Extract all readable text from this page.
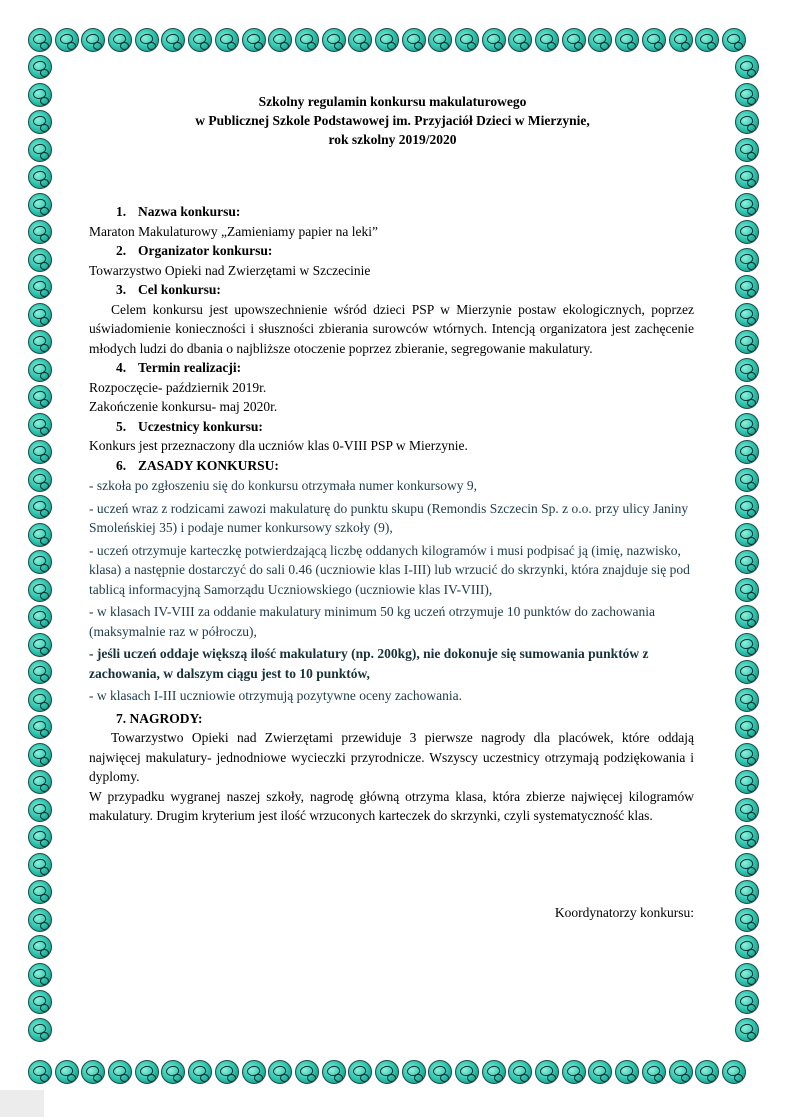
Szkolny regulamin konkursu makulaturowego
w Publicznej Szkole Podstawowej im. Przyjaciół Dzieci w Mierzynie,
rok szkolny 2019/2020
1. Nazwa konkursu:
Maraton Makulaturowy „Zamieniamy papier na leki”
2. Organizator konkursu:
Towarzystwo Opieki nad Zwierzętami w Szczecinie
3. Cel konkursu:
Celem konkursu jest upowszechnienie wśród dzieci PSP w Mierzynie postaw ekologicznych, poprzez uświadomienie konieczności i słuszności zbierania surowców wtórnych. Intencją organizatora jest zachęcenie młodych ludzi do dbania o najbliższe otoczenie poprzez zbieranie, segregowanie makulatury.
4. Termin realizacji:
Rozpoczęcie- październik 2019r.
Zakończenie konkursu- maj 2020r.
5. Uczestnicy konkursu:
Konkurs jest przeznaczony dla uczniów klas 0-VIII PSP w Mierzynie.
6. ZASADY KONKURSU:
- szkoła po zgłoszeniu się do konkursu otrzymała numer konkursowy 9,
- uczeń wraz z rodzicami zawozi makulaturę do punktu skupu (Remondis Szczecin Sp. z o.o. przy ulicy Janiny Smoleńskiej 35) i podaje numer konkursowy szkoły (9),
- uczeń otrzymuje karteczkę potwierdzającą liczbę oddanych kilogramów i musi podpisać ją (imię, nazwisko, klasa) a następnie dostarczyć do sali 0.46 (uczniowie klas I-III) lub wrzucić do skrzynki, która znajduje się pod tablicą informacyjną Samorządu Uczniowskiego (uczniowie klas IV-VIII),
- w klasach IV-VIII za oddanie makulatury minimum 50 kg uczeń otrzymuje 10 punktów do zachowania (maksymalnie raz w półroczu),
- jeśli uczeń oddaje większą ilość makulatury (np. 200kg), nie dokonuje się sumowania punktów z zachowania, w dalszym ciągu jest to 10 punktów,
- w klasach I-III uczniowie otrzymują pozytywne oceny zachowania.
7. NAGRODY:
Towarzystwo Opieki nad Zwierzętami przewiduje 3 pierwsze nagrody dla placówek, które oddają najwięcej makulatury- jednodniowe wycieczki przyrodnicze. Wszyscy uczestnicy otrzymają podziękowania i dyplomy.
W przypadku wygranej naszej szkoły, nagrodę główną otrzyma klasa, która zbierze najwięcej kilogramów makulatury. Drugim kryterium jest ilość wrzuconych karteczek do skrzynki, czyli systematyczność klas.
Koordynatorzy konkursu:
